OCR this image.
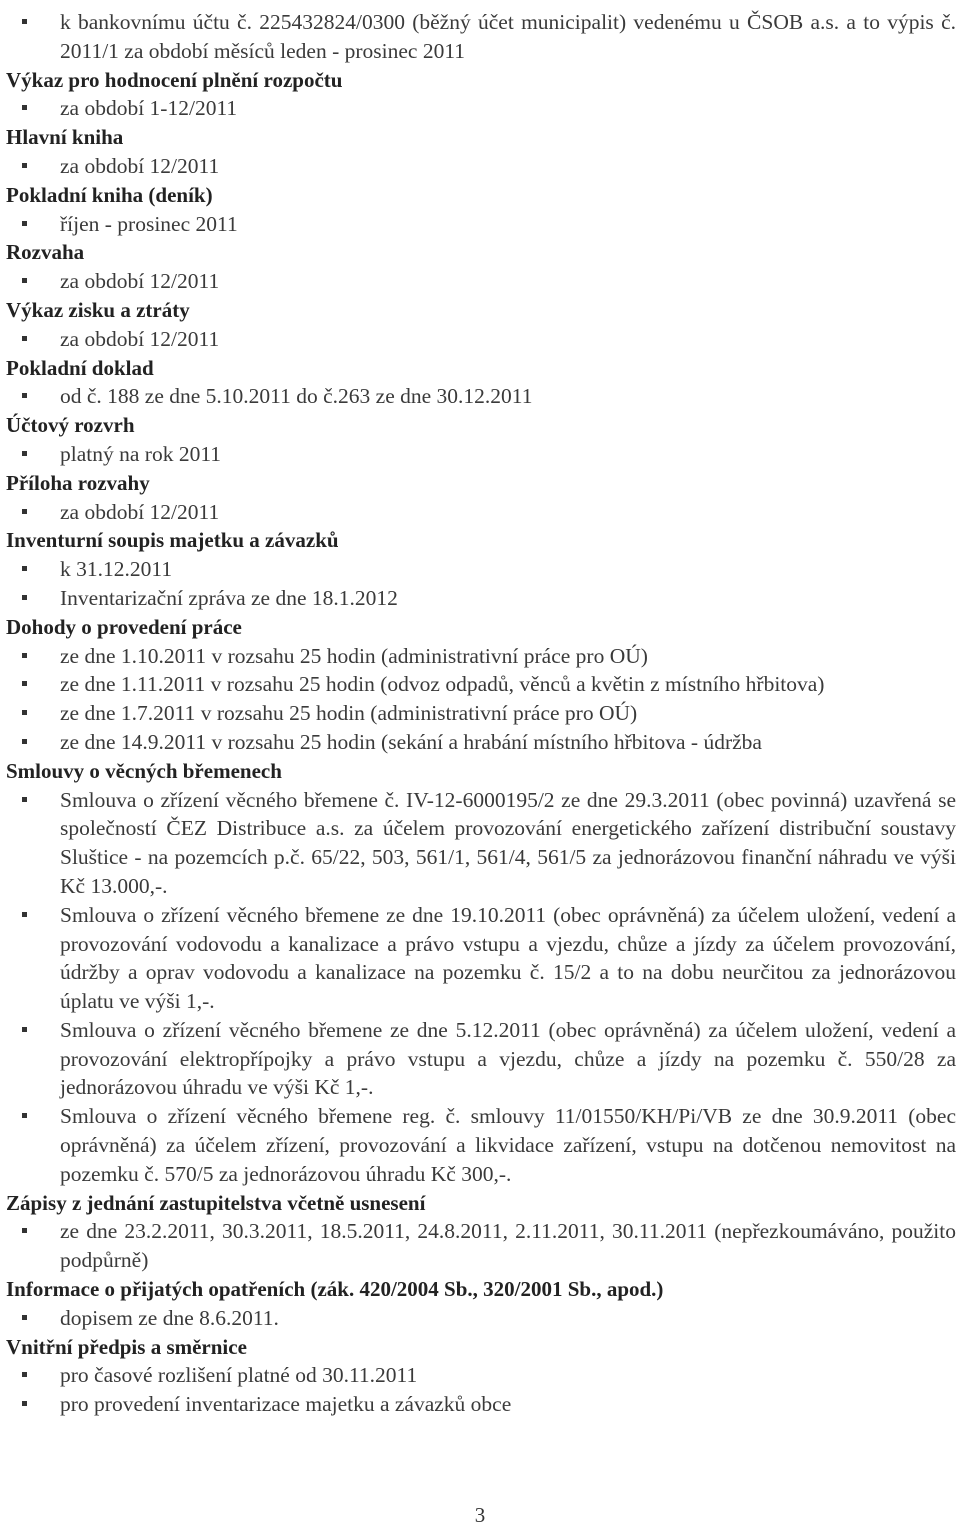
k bankovnímu účtu č. 225432824/0300 (běžný účet municipalit) vedenému u ČSOB a.s. a to výpis č. 2011/1 za období měsíců leden - prosinec 2011
Výkaz pro hodnocení plnění rozpočtu
za období 1-12/2011
Hlavní kniha
za období 12/2011
Pokladní kniha (deník)
říjen - prosinec 2011
Rozvaha
za období 12/2011
Výkaz zisku a ztráty
za období 12/2011
Pokladní doklad
od č. 188 ze dne 5.10.2011 do č.263 ze dne 30.12.2011
Účtový rozvrh
platný na rok 2011
Příloha rozvahy
za období 12/2011
Inventurní soupis majetku a závazků
k 31.12.2011
Inventarizační zpráva ze dne 18.1.2012
Dohody o provedení práce
ze dne 1.10.2011 v rozsahu 25 hodin (administrativní práce pro OÚ)
ze dne 1.11.2011 v rozsahu 25 hodin (odvoz odpadů, věnců a květin z místního hřbitova)
ze dne 1.7.2011 v rozsahu 25 hodin (administrativní práce pro OÚ)
ze dne 14.9.2011 v rozsahu 25 hodin (sekání a hrabání místního hřbitova - údržba
Smlouvy o věcných břemenech
Smlouva o zřízení věcného břemene č. IV-12-6000195/2 ze dne 29.3.2011 (obec povinná) uzavřená se společností ČEZ Distribuce a.s. za účelem provozování energetického zařízení distribuční soustavy Sluštice - na pozemcích p.č. 65/22, 503, 561/1, 561/4, 561/5 za jednorázovou finanční náhradu ve výši Kč 13.000,-.
Smlouva o zřízení věcného břemene ze dne 19.10.2011 (obec oprávněná) za účelem uložení, vedení a provozování vodovodu a kanalizace a právo vstupu a vjezdu, chůze a jízdy za účelem provozování, údržby a oprav vodovodu a kanalizace na pozemku č. 15/2 a to na dobu neurčitou za jednorázovou úplatu ve výši 1,-.
Smlouva o zřízení věcného břemene ze dne 5.12.2011 (obec oprávněná) za účelem uložení, vedení a provozování elektropřípojky a právo vstupu a vjezdu, chůze a jízdy na pozemku č. 550/28 za jednorázovou úhradu ve výši Kč 1,-.
Smlouva o zřízení věcného břemene reg. č. smlouvy 11/01550/KH/Pi/VB ze dne 30.9.2011 (obec oprávněná) za účelem zřízení, provozování a likvidace zařízení, vstupu na dotčenou nemovitost na pozemku č. 570/5 za jednorázovou úhradu Kč 300,-.
Zápisy z jednání zastupitelstva včetně usnesení
ze dne 23.2.2011, 30.3.2011, 18.5.2011, 24.8.2011, 2.11.2011, 30.11.2011 (nepřezkoumáváno, použito podpůrně)
Informace o přijatých opatřeních (zák. 420/2004 Sb., 320/2001 Sb., apod.)
dopisem ze dne 8.6.2011.
Vnitřní předpis a směrnice
pro časové rozlišení platné od 30.11.2011
pro provedení inventarizace majetku a závazků obce
3
